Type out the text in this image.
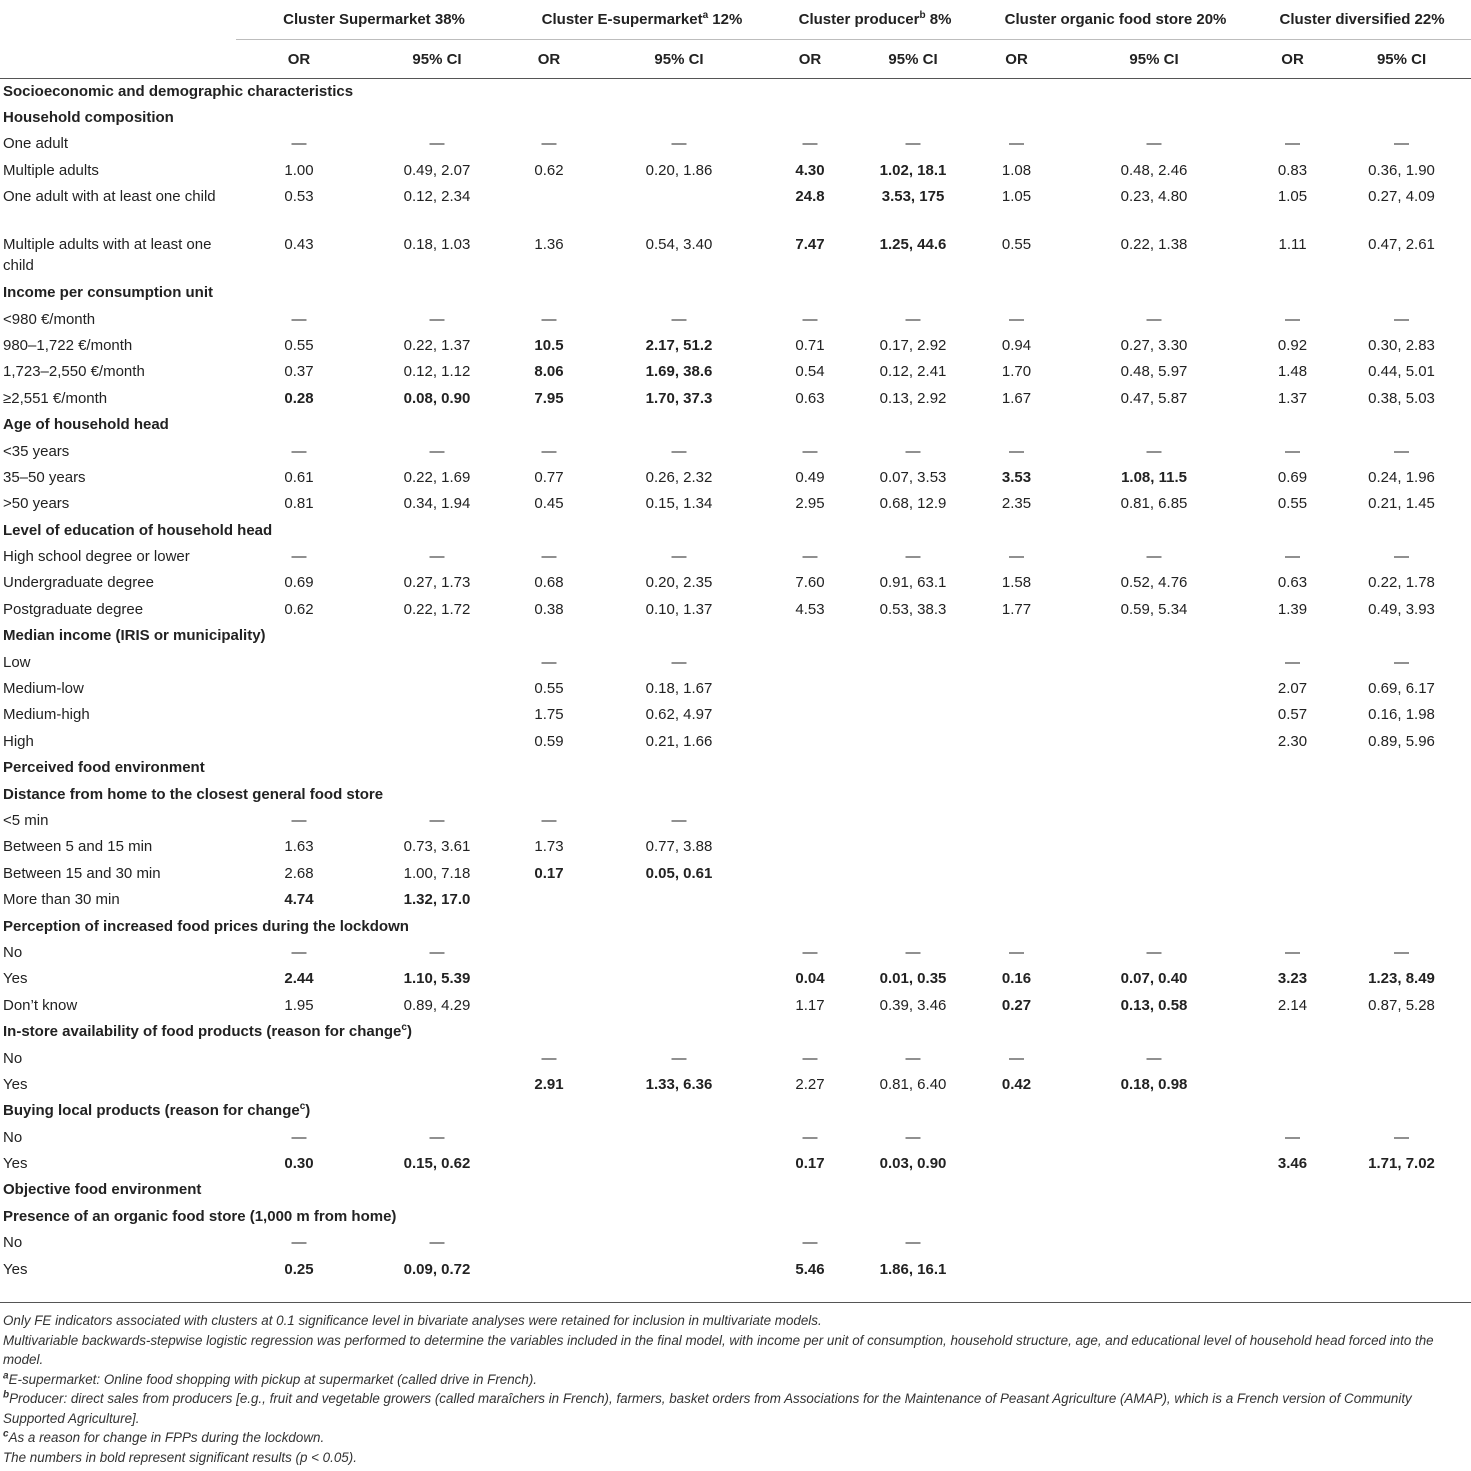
	Cluster Supermarket 38%		Cluster E-supermarket$^a$ 12%		Cluster producer$^b$ 8%		Cluster organic food store 20%		Cluster diversified 22%	
	OR	95% CI	OR	95% CI	OR	95% CI	OR	95% CI	OR	95% CI
Socioeconomic and demographic characteristics										
Household composition										
One adult	—	—	—	—	—	—	—	—	—	—
Multiple adults	1.00	0.49, 2.07	0.62	0.20, 1.86	4.30	1.02, 18.1	1.08	0.48, 2.46	0.83	0.36, 1.90
One adult with at least one child	0.53	0.12, 2.34			24.8	3.53, 175	1.05	0.23, 4.80	1.05	0.27, 4.09
Multiple adults with at least one child	0.43	0.18, 1.03	1.36	0.54, 3.40	7.47	1.25, 44.6	0.55	0.22, 1.38	1.11	0.47, 2.61
Income per consumption unit										
<980 €/month	—	—	—	—	—	—	—	—	—	—
980–1,722 €/month	0.55	0.22, 1.37	10.5	2.17, 51.2	0.71	0.17, 2.92	0.94	0.27, 3.30	0.92	0.30, 2.83
1,723–2,550 €/month	0.37	0.12, 1.12	8.06	1.69, 38.6	0.54	0.12, 2.41	1.70	0.48, 5.97	1.48	0.44, 5.01
≥2,551 €/month	0.28	0.08, 0.90	7.95	1.70, 37.3	0.63	0.13, 2.92	1.67	0.47, 5.87	1.37	0.38, 5.03
Age of household head										
<35 years	—	—	—	—	—	—	—	—	—	—
35–50 years	0.61	0.22, 1.69	0.77	0.26, 2.32	0.49	0.07, 3.53	3.53	1.08, 11.5	0.69	0.24, 1.96
>50 years	0.81	0.34, 1.94	0.45	0.15, 1.34	2.95	0.68, 12.9	2.35	0.81, 6.85	0.55	0.21, 1.45
Level of education of household head										
High school degree or lower	—	—	—	—	—	—	—	—	—	—
Undergraduate degree	0.69	0.27, 1.73	0.68	0.20, 2.35	7.60	0.91, 63.1	1.58	0.52, 4.76	0.63	0.22, 1.78
Postgraduate degree	0.62	0.22, 1.72	0.38	0.10, 1.37	4.53	0.53, 38.3	1.77	0.59, 5.34	1.39	0.49, 3.93
Median income (IRIS or municipality)										
Low			—	—					—	—
Medium-low			0.55	0.18, 1.67					2.07	0.69, 6.17
Medium-high			1.75	0.62, 4.97					0.57	0.16, 1.98
High			0.59	0.21, 1.66					2.30	0.89, 5.96
Perceived food environment										
Distance from home to the closest general food store										
<5 min	—	—	—	—						
Between 5 and 15 min	1.63	0.73, 3.61	1.73	0.77, 3.88						
Between 15 and 30 min	2.68	1.00, 7.18	0.17	0.05, 0.61						
More than 30 min	4.74	1.32, 17.0								
Perception of increased food prices during the lockdown										
No	—	—			—	—	—	—	—	—
Yes	2.44	1.10, 5.39			0.04	0.01, 0.35	0.16	0.07, 0.40	3.23	1.23, 8.49
Don’t know	1.95	0.89, 4.29			1.17	0.39, 3.46	0.27	0.13, 0.58	2.14	0.87, 5.28
In-store availability of food products (reason for change$^c$)										
No			—	—	—	—	—	—		
Yes			2.91	1.33, 6.36	2.27	0.81, 6.40	0.42	0.18, 0.98		
Buying local products (reason for change$^c$)										
No	—	—			—	—			—	—
Yes	0.30	0.15, 0.62			0.17	0.03, 0.90			3.46	1.71, 7.02
Objective food environment										
Presence of an organic food store (1,000 m from home)										
No	—	—			—	—				
Yes	0.25	0.09, 0.72			5.46	1.86, 16.1				

Only FE indicators associated with clusters at 0.1 significance level in bivariate analyses were retained for inclusion in multivariate models.

Multivariable backwards-stepwise logistic regression was performed to determine the variables included in the final model, with income per unit of consumption, household structure, age, and educational level of household head forced into the model.

$^a$E-supermarket: Online food shopping with pickup at supermarket (called drive in French).

$^b$Producer: direct sales from producers [e.g., fruit and vegetable growers (called maraîchers in French), farmers, basket orders from Associations for the Maintenance of Peasant Agriculture (AMAP), which is a French version of Community Supported Agriculture].

$^c$As a reason for change in FPPs during the lockdown.

The numbers in bold represent significant results (p < 0.05).
